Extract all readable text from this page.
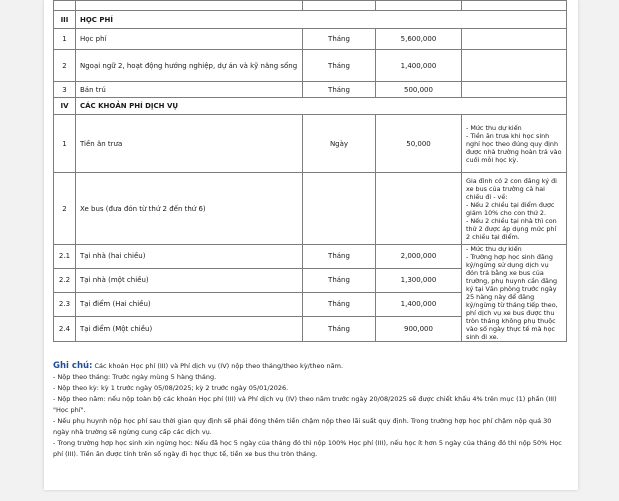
III	HỌC PHÍ			
1	Học phí	Tháng	5,600,000	
2	Ngoại ngữ 2, hoạt động hướng nghiệp, dự án và kỹ năng sống	Tháng	1,400,000	
3	Bán trú	Tháng	500,000	
IV	CÁC KHOẢN PHÍ DỊCH VỤ			
1	Tiền ăn trưa	Ngày	50,000	- Mức thu dự kiến
- Tiền ăn trưa khi học sinh nghỉ học theo đúng quy định được nhà trường hoàn trả vào cuối mỗi học kỳ.
2	Xe bus (đưa đón từ thứ 2 đến thứ 6)			Gia đình có 2 con đăng ký đi xe bus của trường cả hai chiều đi - về:
- Nếu 2 chiều tại điểm được giảm 10% cho con thứ 2.
- Nếu 2 chiều tại nhà thì con thứ 2 được áp dụng mức phí 2 chiều tại điểm.
2.1	Tại nhà (hai chiều)	Tháng	2,000,000	- Mức thu dự kiến
- Trường hợp học sinh đăng ký/ngừng sử dụng dịch vụ đón trả bằng xe bus của trường, phụ huynh cần đăng ký tại Văn phòng trước ngày 25 hàng này để đăng ký/ngừng từ tháng tiếp theo, phí dịch vụ xe bus được thu tròn tháng không phụ thuộc vào số ngày thực tế mà học sinh đi xe.
2.2	Tại nhà (một chiều)	Tháng	1,300,000	
2.3	Tại điểm (Hai chiều)	Tháng	1,400,000	
2.4	Tại điểm (Một chiều)	Tháng	900,000	
Ghi chú: Các khoản Học phí (III) và Phí dịch vụ (IV) nộp theo tháng/theo kỳ/theo năm.
- Nộp theo tháng: Trước ngày mùng 5 hàng tháng.
- Nộp theo kỳ: kỳ 1 trước ngày 05/08/2025; kỳ 2 trước ngày 05/01/2026.
- Nộp theo năm: nếu nộp toàn bộ các khoản Học phí (III) và Phí dịch vụ (IV) theo năm trước ngày 20/08/2025 sẽ được chiết khấu 4% trên mục (1) phần (III) "Học phí".
- Nếu phụ huynh nộp học phí sau thời gian quy định sẽ phải đóng thêm tiền chậm nộp theo lãi suất quy định. Trong trường hợp học phí chậm nộp quá 30 ngày nhà trường sẽ ngừng cung cấp các dịch vụ.
- Trong trường hợp học sinh xin ngừng học: Nếu đã học 5 ngày của tháng đó thì nộp 100% Học phí (III), nếu học ít hơn 5 ngày của tháng đó thì nộp 50% Học phí (III). Tiền ăn được tính trên số ngày đi học thực tế, tiền xe bus thu tròn tháng.
